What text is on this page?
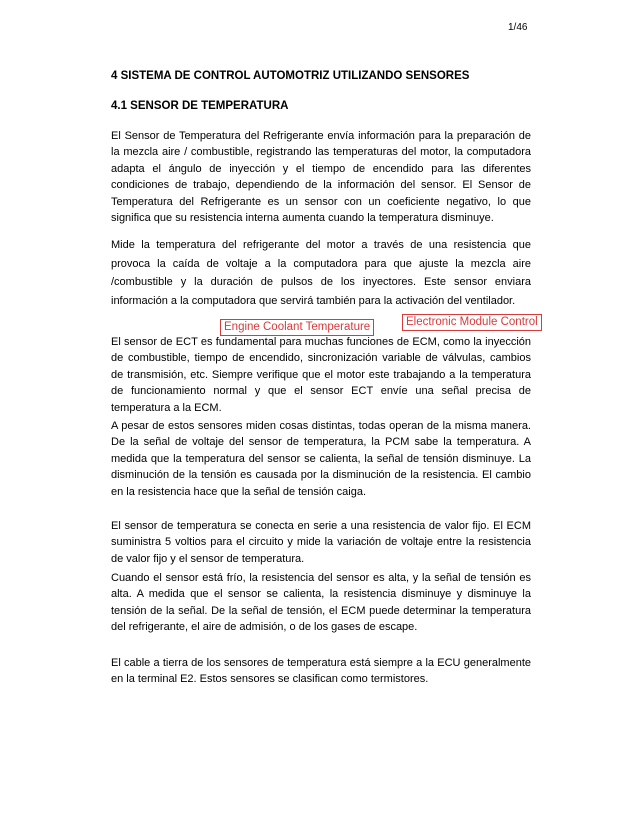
1/46
4 SISTEMA DE CONTROL AUTOMOTRIZ UTILIZANDO SENSORES
4.1 SENSOR DE TEMPERATURA

El Sensor de Temperatura del Refrigerante envía información para la preparación de la mezcla aire / combustible, registrando las temperaturas del motor, la computadora adapta el ángulo de inyección y el tiempo de encendido para las diferentes condiciones de trabajo, dependiendo de la información del sensor. El Sensor de Temperatura del Refrigerante es un sensor con un coeficiente negativo, lo que significa que su resistencia interna aumenta cuando la temperatura disminuye.

Mide la temperatura del refrigerante del motor a través de una resistencia que provoca la caída de voltaje a la computadora para que ajuste la mezcla aire /combustible y la duración de pulsos de los inyectores. Este sensor enviara información a la computadora que servirá también para la activación del ventilador.

El sensor de ECT es fundamental para muchas funciones de ECM, como la inyección de combustible, tiempo de encendido, sincronización variable de válvulas, cambios de transmisión, etc. Siempre verifique que el motor este trabajando a la temperatura de funcionamiento normal y que el sensor ECT envíe una señal precisa de temperatura a la ECM.

A pesar de estos sensores miden cosas distintas, todas operan de la misma manera. De la señal de voltaje del sensor de temperatura, la PCM sabe la temperatura. A medida que la temperatura del sensor se calienta, la señal de tensión disminuye. La disminución de la tensión es causada por la disminución de la resistencia. El cambio en la resistencia hace que la señal de tensión caiga.

El sensor de temperatura se conecta en serie a una resistencia de valor fijo. El ECM suministra 5 voltios para el circuito y mide la variación de voltaje entre la resistencia de valor fijo y el sensor de temperatura.

Cuando el sensor está frío, la resistencia del sensor es alta, y la señal de tensión es alta. A medida que el sensor se calienta, la resistencia disminuye y disminuye la tensión de la señal. De la señal de tensión, el ECM puede determinar la temperatura del refrigerante, el aire de admisión, o de los gases de escape.

El cable a tierra de los sensores de temperatura está siempre a la ECU generalmente en la terminal E2. Estos sensores se clasifican como termistores.

Engine Coolant Temperature	Electronic Module Control
